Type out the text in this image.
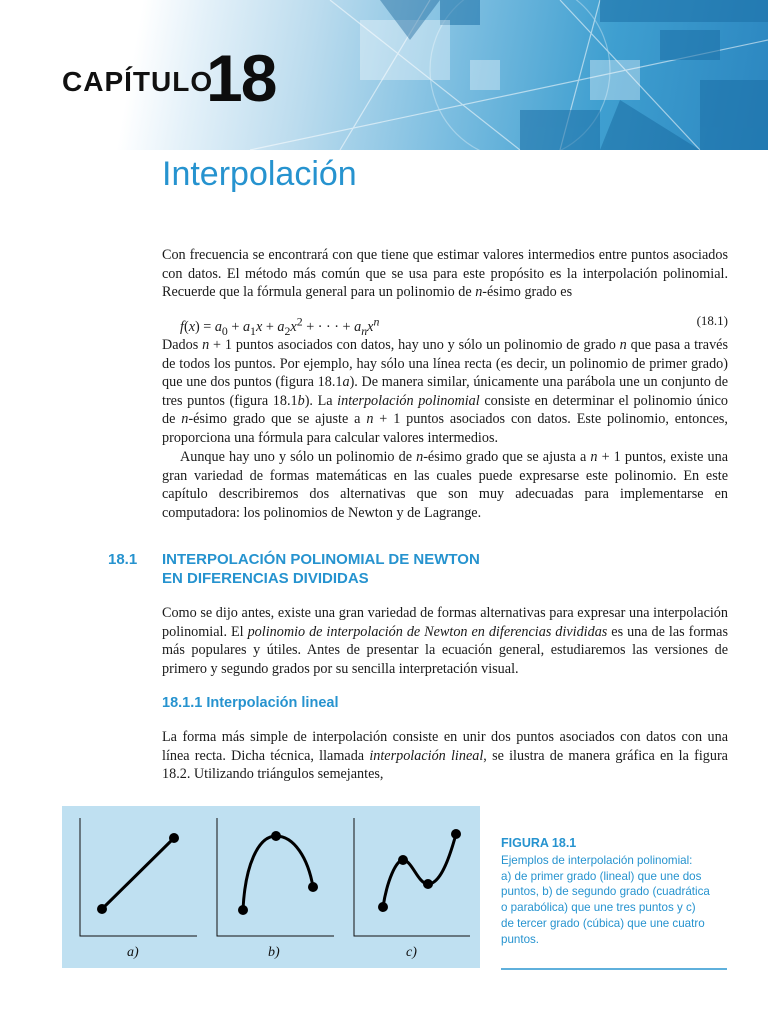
CAPÍTULO
18
Interpolación

Con frecuencia se encontrará con que tiene que estimar valores intermedios entre puntos asociados con datos. El método más común que se usa para este propósito es la interpolación polinomial. Recuerde que la fórmula general para un polinomio de n-ésimo grado es

$f(x) = a_0 + a_1x + a_2x^2$ + · · · + $a_nx^n$	(18.1)

Dados n + 1 puntos asociados con datos, hay uno y sólo un polinomio de grado n que pasa a través de todos los puntos. Por ejemplo, hay sólo una línea recta (es decir, un polinomio de primer grado) que une dos puntos (figura 18.1a). De manera similar, únicamente una parábola une un conjunto de tres puntos (figura 18.1b). La interpolación polinomial consiste en determinar el polinomio único de n-ésimo grado que se ajuste a n + 1 puntos asociados con datos. Este polinomio, entonces, proporciona una fórmula para calcular valores intermedios.

Aunque hay uno y sólo un polinomio de n-ésimo grado que se ajusta a n + 1 puntos, existe una gran variedad de formas matemáticas en las cuales puede expresarse este polinomio. En este capítulo describiremos dos alternativas que son muy adecuadas para implementarse en computadora: los polinomios de Newton y de Lagrange.

18.1 INTERPOLACIÓN POLINOMIAL DE NEWTON
EN DIFERENCIAS DIVIDIDAS

Como se dijo antes, existe una gran variedad de formas alternativas para expresar una interpolación polinomial. El polinomio de interpolación de Newton en diferencias divididas es una de las formas más populares y útiles. Antes de presentar la ecuación general, estudiaremos las versiones de primero y segundo grados por su sencilla interpretación visual.

18.1.1 Interpolación lineal

La forma más simple de interpolación consiste en unir dos puntos asociados con datos con una línea recta. Dicha técnica, llamada interpolación lineal, se ilustra de manera gráfica en la figura 18.2. Utilizando triángulos semejantes,

a)	b)	c)
FIGURA 18.1
Ejemplos de interpolación polinomial:
a) de primer grado (lineal) que une dos
puntos, b) de segundo grado (cuadrática
o parabólica) que une tres puntos y c)
de tercer grado (cúbica) que une cuatro
puntos.
